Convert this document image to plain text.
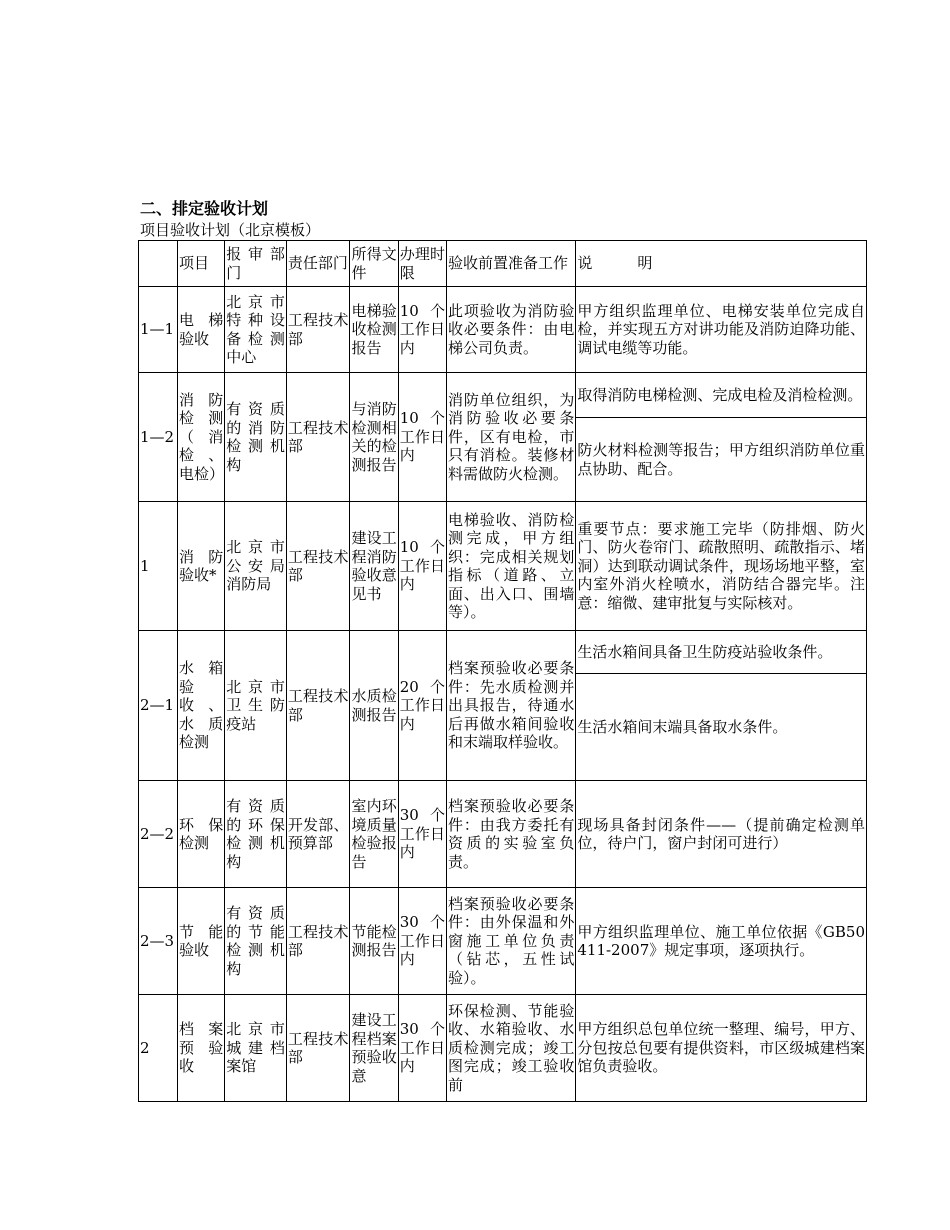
二、排定验收计划
项目验收计划（北京模板）
	项目	报审部门	责任部门	所得文件	办理时限	验收前置准备工作	说　　　明
1—1	电梯验收	北京市特种设备检测中心	工程技术部	电梯验收检测报告	10个工作日内	此项验收为消防验收必要条件：由电梯公司负责。	甲方组织监理单位、电梯安装单位完成自检，并实现五方对讲功能及消防迫降功能、调试电缆等功能。
1—2	消防检测（消检、电检）	有资质的消防检测机构	工程技术部	与消防检测相关的检测报告	10个工作日内	消防单位组织，为消防验收必要条件，区有电检，市只有消检。装修材料需做防火检测。	取得消防电梯检测、完成电检及消检检测。
							防火材料检测等报告；甲方组织消防单位重点协助、配合。
1	消防验收*	北京市公安局消防局	工程技术部	建设工程消防验收意见书	10个工作日内	电梯验收、消防检测完成，甲方组织：完成相关规划指标（道路、立面、出入口、围墙等）。	重要节点：要求施工完毕（防排烟、防火门、防火卷帘门、疏散照明、疏散指示、堵洞）达到联动调试条件，现场场地平整，室内室外消火栓喷水，消防结合器完毕。注意：缩微、建审批复与实际核对。
2—1	水箱验收、水质检测	北京市卫生防疫站	工程技术部	水质检测报告	20个工作日内	档案预验收必要条件：先水质检测并出具报告，待通水后再做水箱间验收和末端取样验收。	生活水箱间具备卫生防疫站验收条件。
							生活水箱间末端具备取水条件。
2—2	环保检测	有资质的环保检测机构	开发部、预算部	室内环境质量检验报告	30个工作日内	档案预验收必要条件：由我方委托有资质的实验室负责。	现场具备封闭条件——（提前确定检测单位，待户门，窗户封闭可进行）
2—3	节能验收	有资质的节能检测机构	工程技术部	节能检测报告	30个工作日内	档案预验收必要条件：由外保温和外窗施工单位负责（钻芯，五性试验）。	甲方组织监理单位、施工单位依据《GB50411-2007》规定事项，逐项执行。
2	档案预验收	北京市城建档案馆	工程技术部	建设工程档案预验收意	30个工作日内	环保检测、节能验收、水箱验收、水质检测完成；竣工图完成；竣工验收前	甲方组织总包单位统一整理、编号，甲方、分包按总包要有提供资料，市区级城建档案馆负责验收。
